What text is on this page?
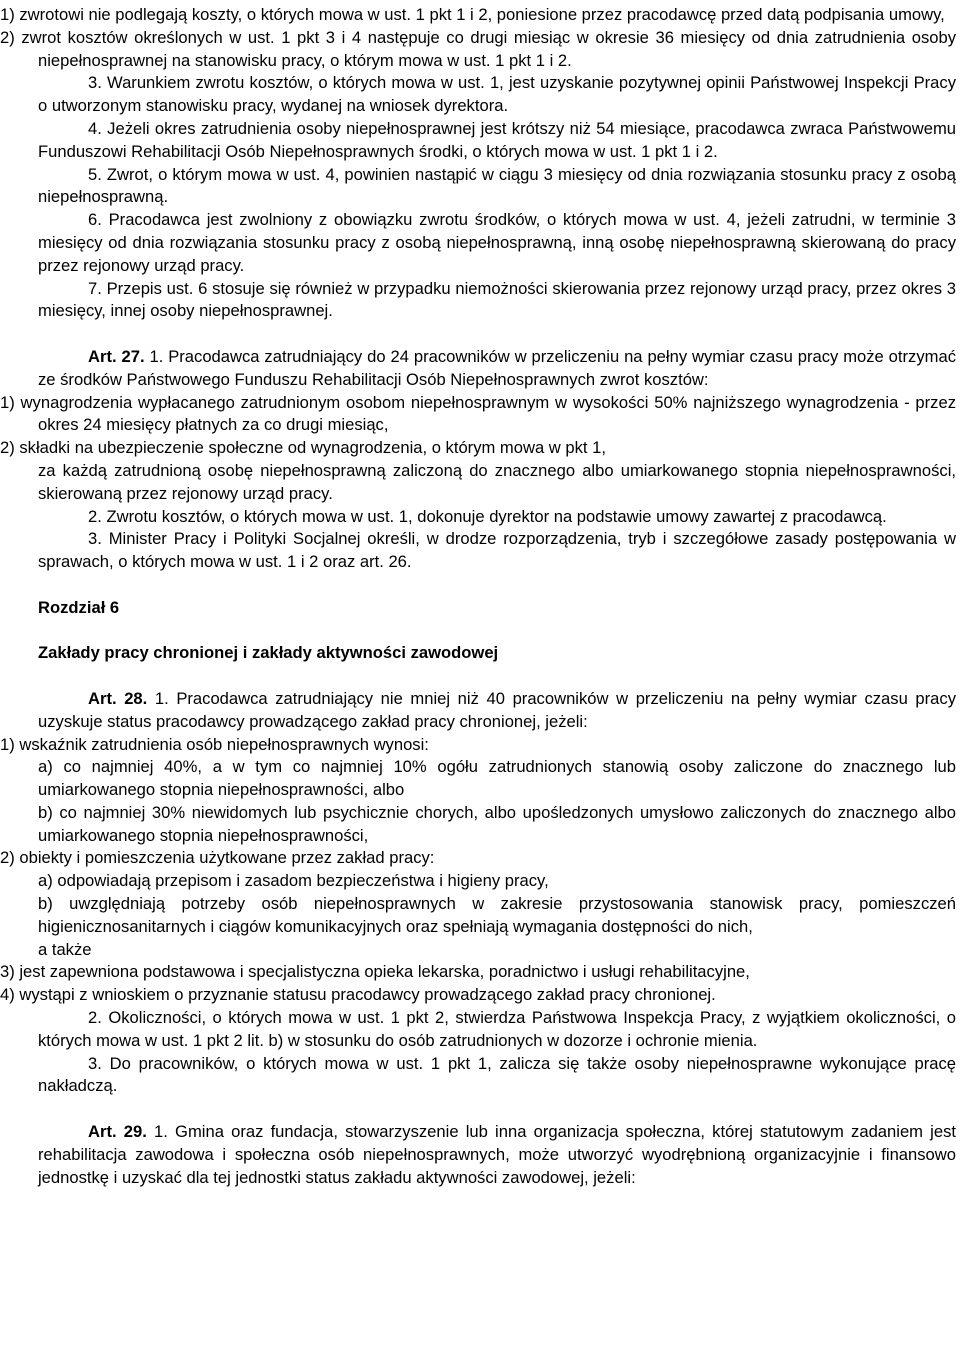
1) zwrotowi nie podlegają koszty, o których mowa w ust. 1 pkt 1 i 2, poniesione przez pracodawcę przed datą podpisania umowy,

2) zwrot kosztów określonych w ust. 1 pkt 3 i 4 następuje co drugi miesiąc w okresie 36 miesięcy od dnia zatrudnienia osoby niepełnosprawnej na stanowisku pracy, o którym mowa w ust. 1 pkt 1 i 2.

3. Warunkiem zwrotu kosztów, o których mowa w ust. 1, jest uzyskanie pozytywnej opinii Państwowej Inspekcji Pracy o utworzonym stanowisku pracy, wydanej na wniosek dyrektora.

4. Jeżeli okres zatrudnienia osoby niepełnosprawnej jest krótszy niż 54 miesiące, pracodawca zwraca Państwowemu Funduszowi Rehabilitacji Osób Niepełnosprawnych środki, o których mowa w ust. 1 pkt 1 i 2.

5. Zwrot, o którym mowa w ust. 4, powinien nastąpić w ciągu 3 miesięcy od dnia rozwiązania stosunku pracy z osobą niepełnosprawną.

6. Pracodawca jest zwolniony z obowiązku zwrotu środków, o których mowa w ust. 4, jeżeli zatrudni, w terminie 3 miesięcy od dnia rozwiązania stosunku pracy z osobą niepełnosprawną, inną osobę niepełnosprawną skierowaną do pracy przez rejonowy urząd pracy.

7. Przepis ust. 6 stosuje się również w przypadku niemożności skierowania przez rejonowy urząd pracy, przez okres 3 miesięcy, innej osoby niepełnosprawnej.

Art. 27. 1. Pracodawca zatrudniający do 24 pracowników w przeliczeniu na pełny wymiar czasu pracy może otrzymać ze środków Państwowego Funduszu Rehabilitacji Osób Niepełnosprawnych zwrot kosztów:

1) wynagrodzenia wypłacanego zatrudnionym osobom niepełnosprawnym w wysokości 50% najniższego wynagrodzenia - przez okres 24 miesięcy płatnych za co drugi miesiąc,

2) składki na ubezpieczenie społeczne od wynagrodzenia, o którym mowa w pkt 1,

za każdą zatrudnioną osobę niepełnosprawną zaliczoną do znacznego albo umiarkowanego stopnia niepełnosprawności, skierowaną przez rejonowy urząd pracy.

2. Zwrotu kosztów, o których mowa w ust. 1, dokonuje dyrektor na podstawie umowy zawartej z pracodawcą.

3. Minister Pracy i Polityki Socjalnej określi, w drodze rozporządzenia, tryb i szczegółowe zasady postępowania w sprawach, o których mowa w ust. 1 i 2 oraz art. 26.

Rozdział 6

Zakłady pracy chronionej i zakłady aktywności zawodowej

Art. 28. 1. Pracodawca zatrudniający nie mniej niż 40 pracowników w przeliczeniu na pełny wymiar czasu pracy uzyskuje status pracodawcy prowadzącego zakład pracy chronionej, jeżeli:

1) wskaźnik zatrudnienia osób niepełnosprawnych wynosi:

a) co najmniej 40%, a w tym co najmniej 10% ogółu zatrudnionych stanowią osoby zaliczone do znacznego lub umiarkowanego stopnia niepełnosprawności, albo

b) co najmniej 30% niewidomych lub psychicznie chorych, albo upośledzonych umysłowo zaliczonych do znacznego albo umiarkowanego stopnia niepełnosprawności,

2) obiekty i pomieszczenia użytkowane przez zakład pracy:

a) odpowiadają przepisom i zasadom bezpieczeństwa i higieny pracy,

b) uwzględniają potrzeby osób niepełnosprawnych w zakresie przystosowania stanowisk pracy, pomieszczeń higienicznosanitarnych i ciągów komunikacyjnych oraz spełniają wymagania dostępności do nich,

a także

3) jest zapewniona podstawowa i specjalistyczna opieka lekarska, poradnictwo i usługi rehabilitacyjne,

4) wystąpi z wnioskiem o przyznanie statusu pracodawcy prowadzącego zakład pracy chronionej.

2. Okoliczności, o których mowa w ust. 1 pkt 2, stwierdza Państwowa Inspekcja Pracy, z wyjątkiem okoliczności, o których mowa w ust. 1 pkt 2 lit. b) w stosunku do osób zatrudnionych w dozorze i ochronie mienia.

3. Do pracowników, o których mowa w ust. 1 pkt 1, zalicza się także osoby niepełnosprawne wykonujące pracę nakładczą.

Art. 29. 1. Gmina oraz fundacja, stowarzyszenie lub inna organizacja społeczna, której statutowym zadaniem jest rehabilitacja zawodowa i społeczna osób niepełnosprawnych, może utworzyć wyodrębnioną organizacyjnie i finansowo jednostkę i uzyskać dla tej jednostki status zakładu aktywności zawodowej, jeżeli:
